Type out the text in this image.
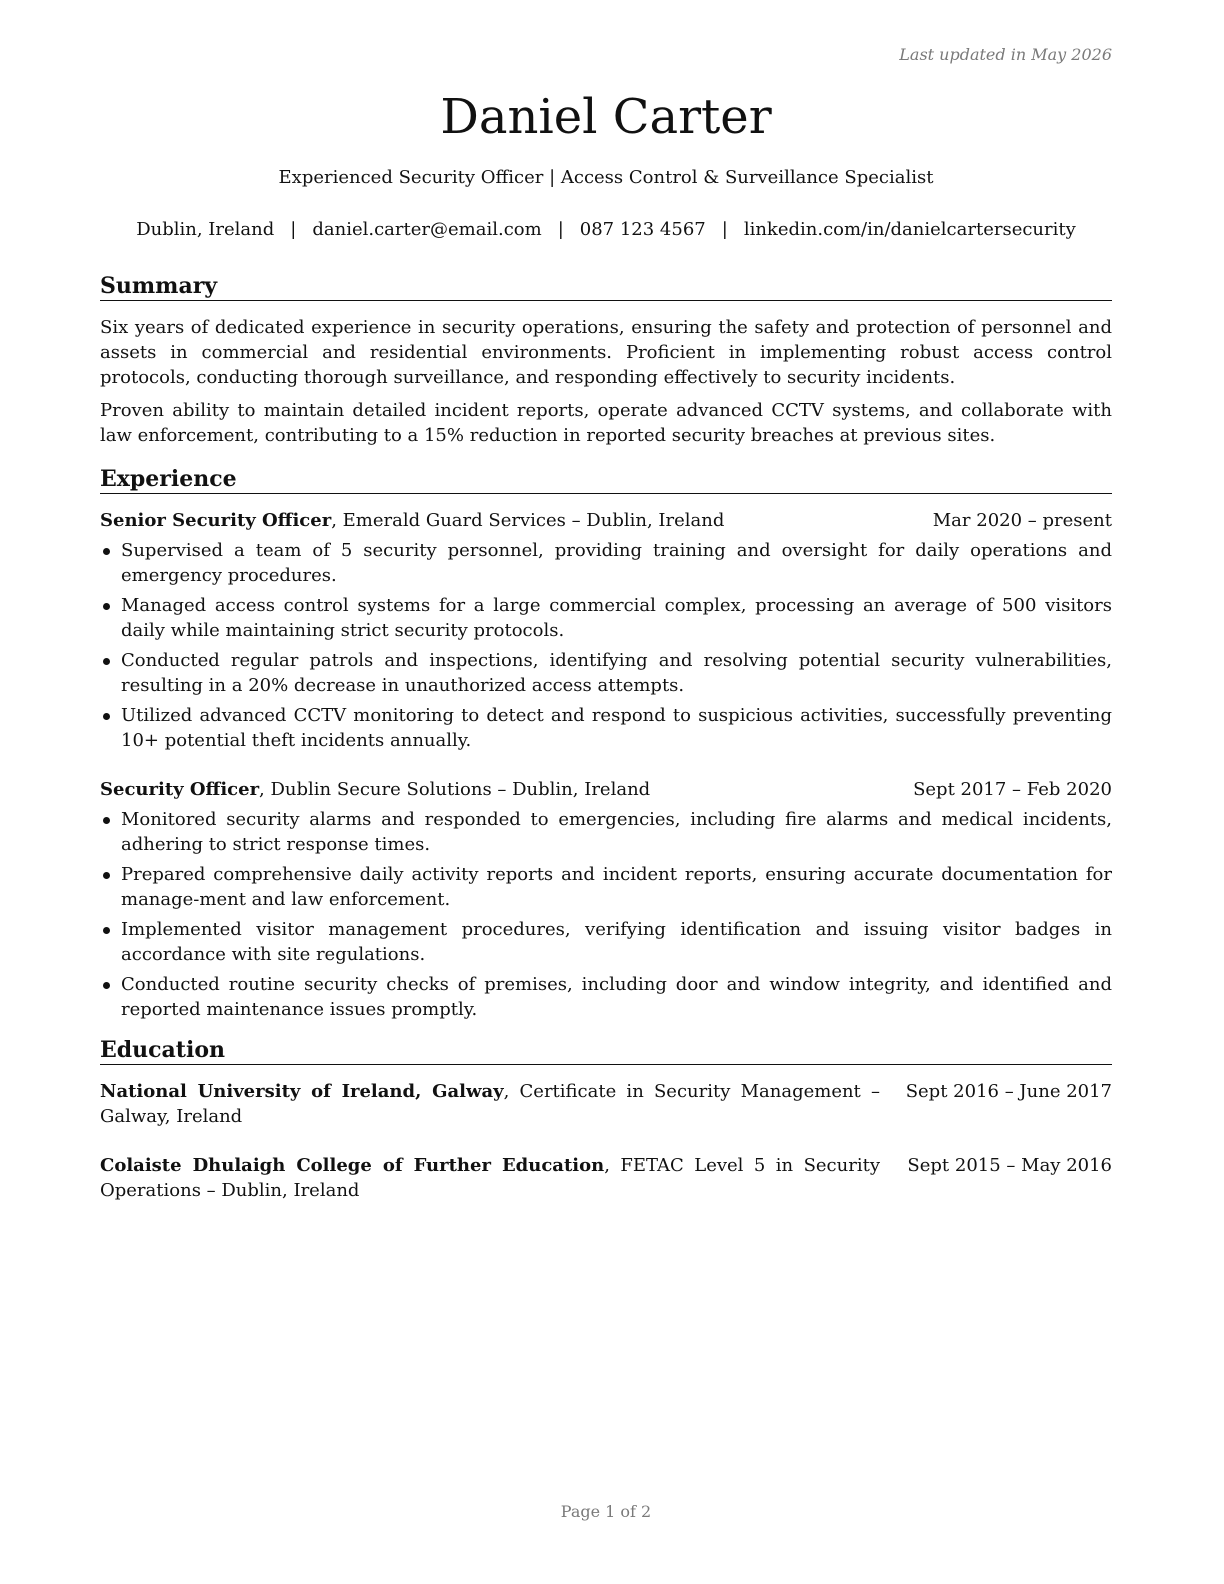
Last updated in May 2026
Daniel Carter
Experienced Security Officer | Access Control & Surveillance Specialist
Dublin, Ireland | daniel.carter@email.com | 087 123 4567 | linkedin.com/in/danielcartersecurity
Summary

Six years of dedicated experience in security operations, ensuring the safety and protection of personnel and assets in commercial and residential environments. Proficient in implementing robust access control protocols, conducting thorough surveillance, and responding effectively to security incidents.

Proven ability to maintain detailed incident reports, operate advanced CCTV systems, and collaborate with law enforcement, contributing to a 15% reduction in reported security breaches at previous sites.

Experience
Senior Security Officer, Emerald Guard Services – Dublin, Ireland	Mar 2020 – present
Supervised a team of 5 security personnel, providing training and oversight for daily operations and emergency procedures.
Managed access control systems for a large commercial complex, processing an average of 500 visitors daily while maintaining strict security protocols.
Conducted regular patrols and inspections, identifying and resolving potential security vulnerabilities, resulting in a 20% decrease in unauthorized access attempts.
Utilized advanced CCTV monitoring to detect and respond to suspicious activities, successfully preventing 10+ potential theft incidents annually.
Security Officer, Dublin Secure Solutions – Dublin, Ireland	Sept 2017 – Feb 2020
Monitored security alarms and responded to emergencies, including fire alarms and medical incidents, adhering to strict response times.
Prepared comprehensive daily activity reports and incident reports, ensuring accurate documentation for manage-ment and law enforcement.
Implemented visitor management procedures, verifying identification and issuing visitor badges in accordance with site regulations.
Conducted routine security checks of premises, including door and window integrity, and identified and reported maintenance issues promptly.
Education
National University of Ireland, Galway, Certificate in Security Management – Galway, Ireland
Sept 2016 – June 2017
Colaiste Dhulaigh College of Further Education, FETAC Level 5 in Security Operations – Dublin, Ireland
Sept 2015 – May 2016
Page 1 of 2
